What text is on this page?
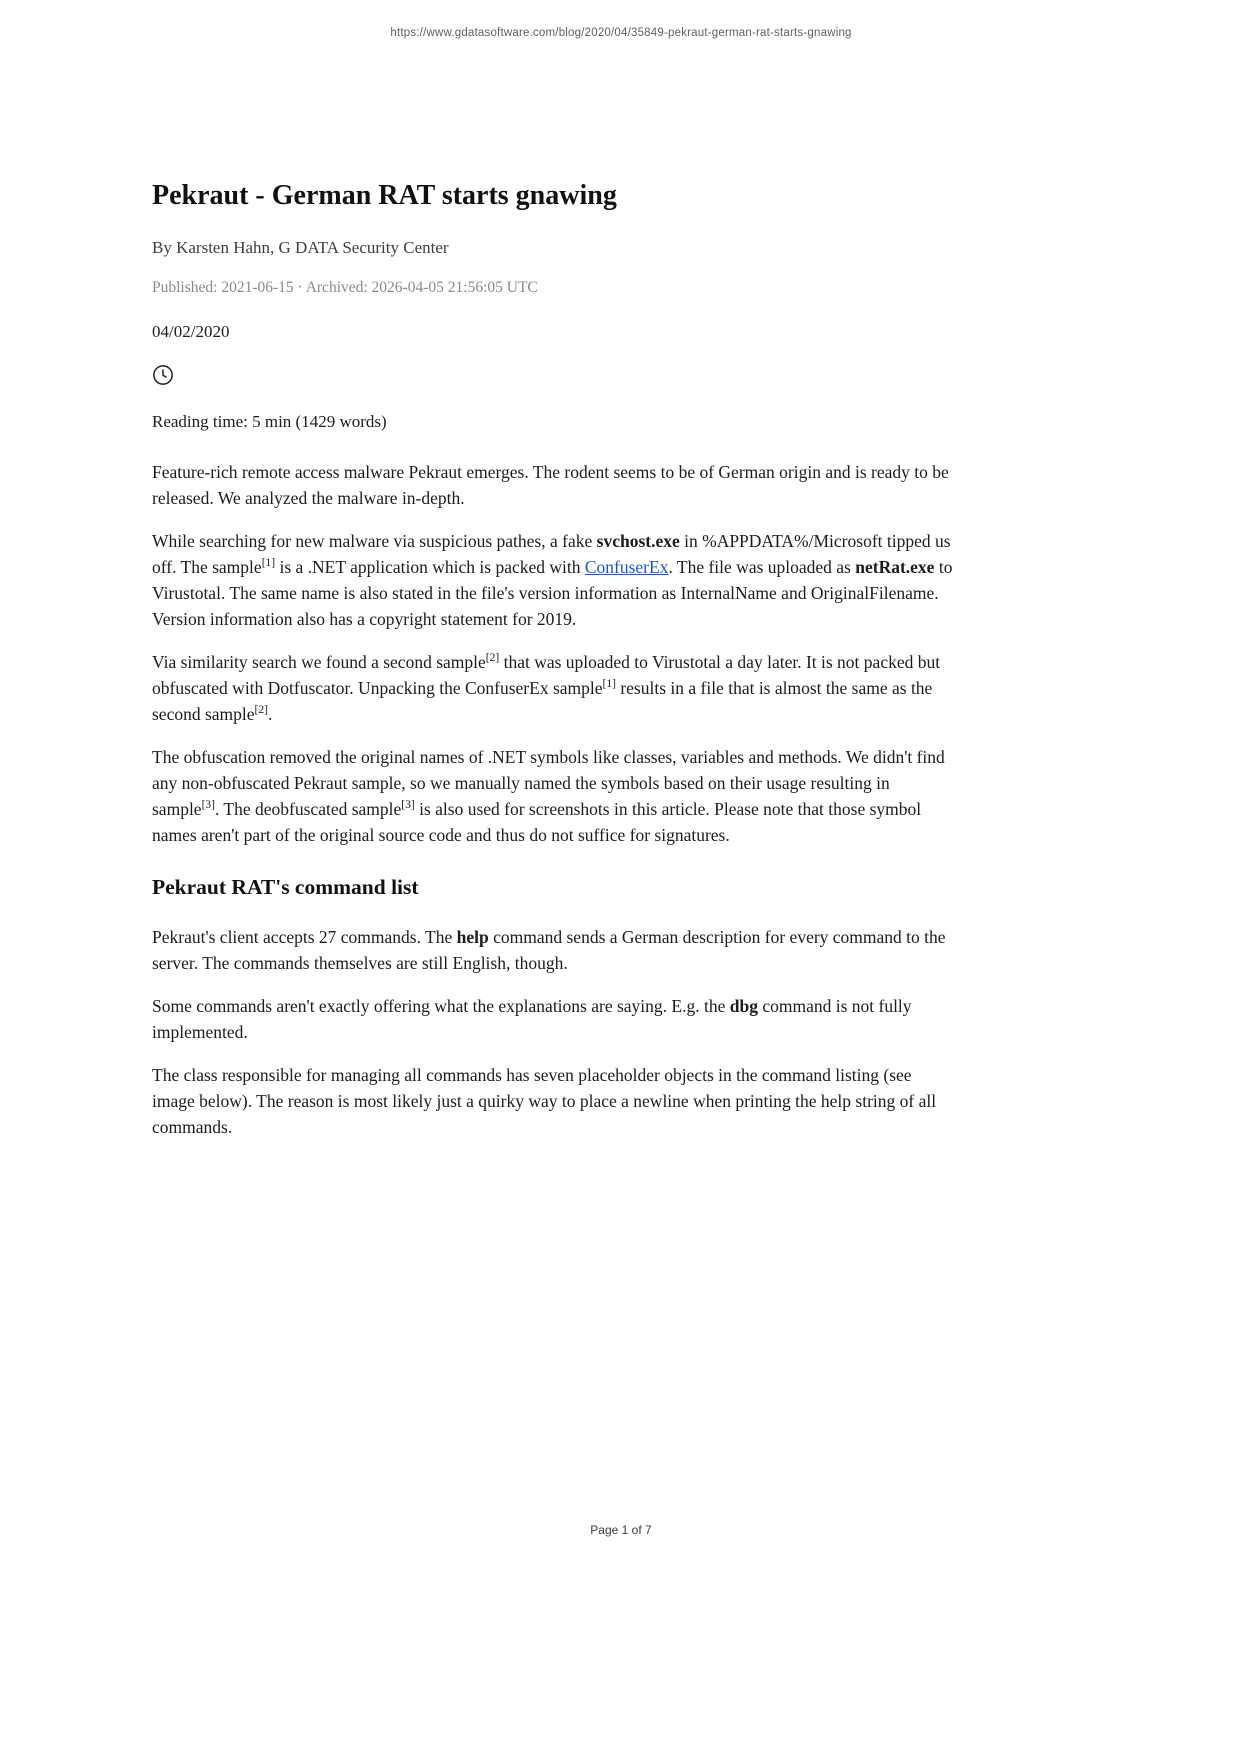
https://www.gdatasoftware.com/blog/2020/04/35849-pekraut-german-rat-starts-gnawing
Pekraut - German RAT starts gnawing
By Karsten Hahn, G DATA Security Center
Published: 2021-06-15 · Archived: 2026-04-05 21:56:05 UTC
04/02/2020
Reading time: 5 min (1429 words)

Feature-rich remote access malware Pekraut emerges. The rodent seems to be of German origin and is ready to be released. We analyzed the malware in-depth.

While searching for new malware via suspicious pathes, a fake svchost.exe in %APPDATA%/Microsoft tipped us off. The sample[1] is a .NET application which is packed with ConfuserEx. The file was uploaded as netRat.exe to Virustotal. The same name is also stated in the file's version information as InternalName and OriginalFilename. Version information also has a copyright statement for 2019.

Via similarity search we found a second sample[2] that was uploaded to Virustotal a day later. It is not packed but obfuscated with Dotfuscator. Unpacking the ConfuserEx sample[1] results in a file that is almost the same as the second sample[2].

The obfuscation removed the original names of .NET symbols like classes, variables and methods. We didn't find any non-obfuscated Pekraut sample, so we manually named the symbols based on their usage resulting in sample[3]. The deobfuscated sample[3] is also used for screenshots in this article. Please note that those symbol names aren't part of the original source code and thus do not suffice for signatures.

Pekraut RAT's command list

Pekraut's client accepts 27 commands. The help command sends a German description for every command to the server. The commands themselves are still English, though.

Some commands aren't exactly offering what the explanations are saying. E.g. the dbg command is not fully implemented.

The class responsible for managing all commands has seven placeholder objects in the command listing (see image below). The reason is most likely just a quirky way to place a newline when printing the help string of all commands.

Page 1 of 7
